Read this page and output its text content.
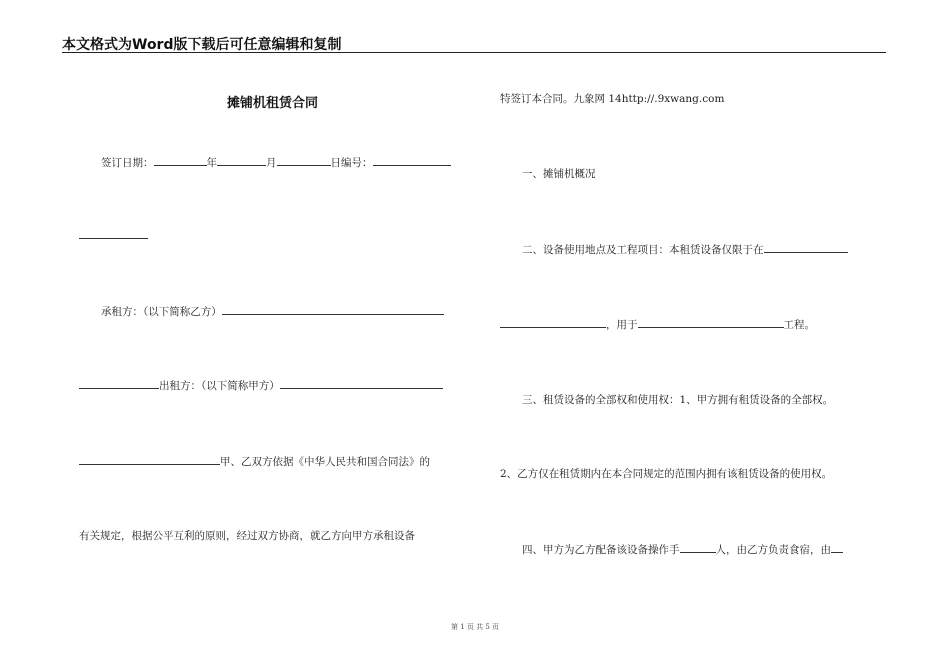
本文格式为Word版下载后可任意编辑和复制
摊铺机租赁合同
签订日期：	年	月	日编号：
承租方：（以下简称乙方）
出租方：（以下简称甲方）
甲、乙双方依据《中华人民共和国合同法》的
有关规定，根据公平互利的原则，经过双方协商，就乙方向甲方承租设备
特签订本合同。九象网 14http://.9xwang.com
一、摊铺机概况
二、设备使用地点及工程项目：本租赁设备仅限于在
，用于	工程。
三、租赁设备的全部权和使用权：1、甲方拥有租赁设备的全部权。
2、乙方仅在租赁期内在本合同规定的范围内拥有该租赁设备的使用权。
四、甲方为乙方配备该设备操作手	人，由乙方负责食宿，由
第 1 页 共 5 页
